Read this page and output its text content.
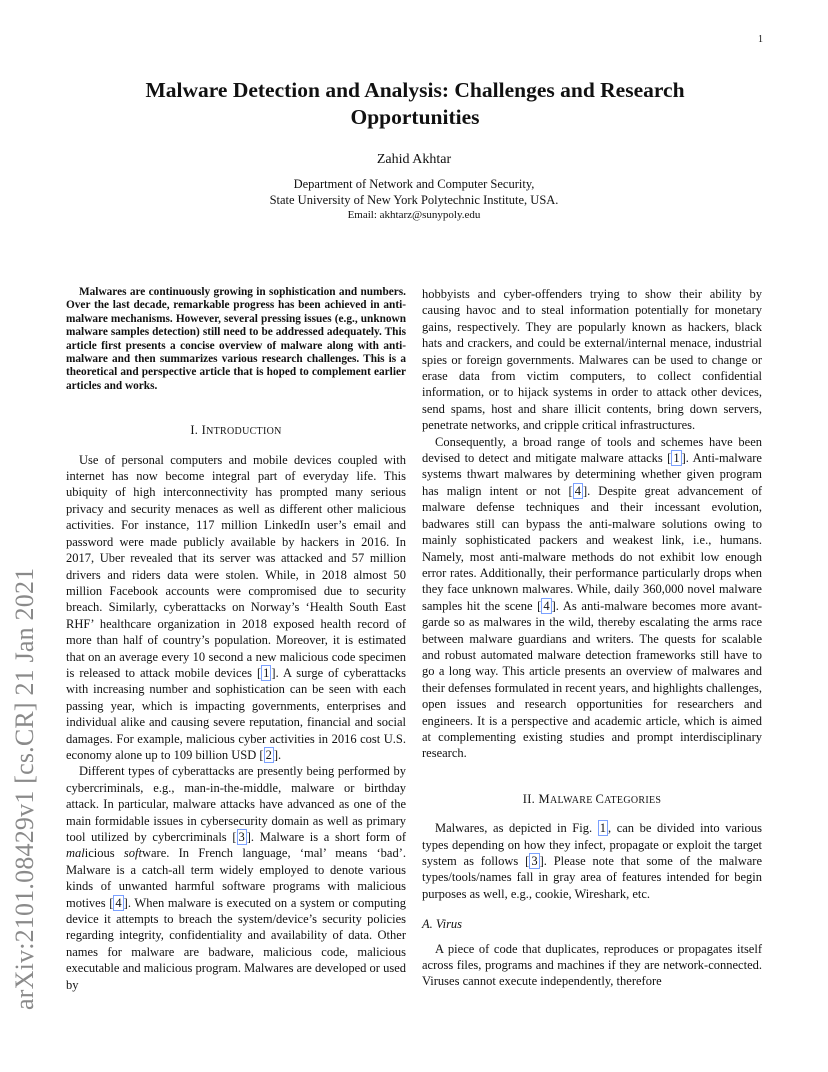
1
arXiv:2101.08429v1 [cs.CR] 21 Jan 2021
Malware Detection and Analysis: Challenges and Research
Opportunities
Zahid Akhtar
Department of Network and Computer Security,
State University of New York Polytechnic Institute, USA.
Email: akhtarz@sunypoly.edu

Malwares are continuously growing in sophistication and numbers. Over the last decade, remarkable progress has been achieved in anti-malware mechanisms. However, several pressing issues (e.g., unknown malware samples detection) still need to be addressed adequately. This article first presents a concise overview of malware along with anti-malware and then summarizes various research challenges. This is a theoretical and perspective article that is hoped to complement earlier articles and works.

I. INTRODUCTION

Use of personal computers and mobile devices coupled with internet has now become integral part of everyday life. This ubiquity of high interconnectivity has prompted many serious privacy and security menaces as well as different other malicious activities. For instance, 117 million LinkedIn user’s email and password were made publicly available by hackers in 2016. In 2017, Uber revealed that its server was attacked and 57 million drivers and riders data were stolen. While, in 2018 almost 50 million Facebook accounts were compromised due to security breach. Similarly, cyberattacks on Norway’s ‘Health South East RHF’ healthcare organization in 2018 exposed health record of more than half of country’s population. Moreover, it is estimated that on an average every 10 second a new malicious code specimen is released to attack mobile devices [ 1 ]. A surge of cyberattacks with increasing number and sophistication can be seen with each passing year, which is impacting governments, enterprises and individual alike and causing severe reputation, financial and social damages. For example, malicious cyber activities in 2016 cost U.S. economy alone up to 109 billion USD [ 2 ].

Different types of cyberattacks are presently being performed by cybercriminals, e.g., man-in-the-middle, malware or birthday attack. In particular, malware attacks have advanced as one of the main formidable issues in cybersecurity domain as well as primary tool utilized by cybercriminals [ 3 ]. Malware is a short form of malicious software. In French language, ‘mal’ means ‘bad’. Malware is a catch-all term widely employed to denote various kinds of unwanted harmful software programs with malicious motives [ 4 ]. When malware is executed on a system or computing device it attempts to breach the system/device’s security policies regarding integrity, confidentiality and availability of data. Other names for malware are badware, malicious code, malicious executable and malicious program. Malwares are developed or used by

hobbyists and cyber-offenders trying to show their ability by causing havoc and to steal information potentially for monetary gains, respectively. They are popularly known as hackers, black hats and crackers, and could be external/internal menace, industrial spies or foreign governments. Malwares can be used to change or erase data from victim computers, to collect confidential information, or to hijack systems in order to attack other devices, send spams, host and share illicit contents, bring down servers, penetrate networks, and cripple critical infrastructures.

Consequently, a broad range of tools and schemes have been devised to detect and mitigate malware attacks [ 1 ]. Anti-malware systems thwart malwares by determining whether given program has malign intent or not [ 4 ]. Despite great advancement of malware defense techniques and their incessant evolution, badwares still can bypass the anti-malware solutions owing to mainly sophisticated packers and weakest link, i.e., humans. Namely, most anti-malware methods do not exhibit low enough error rates. Additionally, their performance particularly drops when they face unknown malwares. While, daily 360,000 novel malware samples hit the scene [ 4 ]. As anti-malware becomes more avant-garde so as malwares in the wild, thereby escalating the arms race between malware guardians and writers. The quests for scalable and robust automated malware detection frameworks still have to go a long way. This article presents an overview of malwares and their defenses formulated in recent years, and highlights challenges, open issues and research opportunities for researchers and engineers. It is a perspective and academic article, which is aimed at complementing existing studies and prompt interdisciplinary research.

II. MALWARE CATEGORIES

Malwares, as depicted in Fig. 1 , can be divided into various types depending on how they infect, propagate or exploit the target system as follows [ 3 ]. Please note that some of the malware types/tools/names fall in gray area of features intended for begin purposes as well, e.g., cookie, Wireshark, etc.

A. Virus

A piece of code that duplicates, reproduces or propagates itself across files, programs and machines if they are network-connected. Viruses cannot execute independently, therefore
